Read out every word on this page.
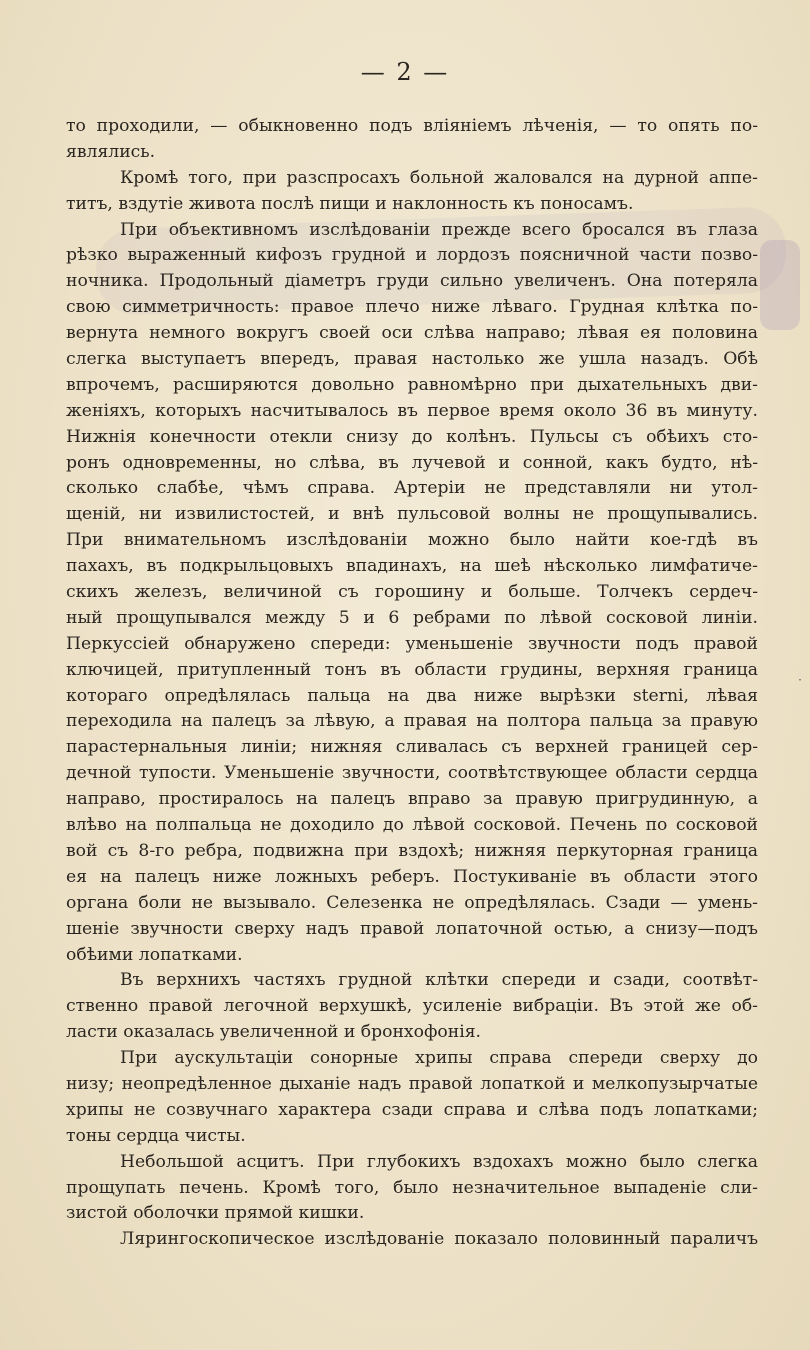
— 2 —
то проходили, — обыкновенно подъ вліяніемъ лѣченія, — то опять по-
являлись.
Кромѣ того, при разспросахъ больной жаловался на дурной аппе-
титъ, вздутіе живота послѣ пищи и наклонность къ поносамъ.
При объективномъ изслѣдованіи прежде всего бросался въ глаза
рѣзко выраженный кифозъ грудной и лордозъ поясничной части позво-
ночника. Продольный діаметръ груди сильно увеличенъ. Она потеряла
свою симметричность: правое плечо ниже лѣваго. Грудная клѣтка по-
вернута немного вокругъ своей оси слѣва направо; лѣвая ея половина
слегка выступаетъ впередъ, правая настолько же ушла назадъ. Обѣ
впрочемъ, расширяются довольно равномѣрно при дыхательныхъ дви-
женіяхъ, которыхъ насчитывалось въ первое время около 36 въ минуту.
Нижнія конечности отекли снизу до колѣнъ. Пульсы съ обѣихъ сто-
ронъ одновременны, но слѣва, въ лучевой и сонной, какъ будто, нѣ-
сколько слабѣе, чѣмъ справа. Артеріи не представляли ни утол-
щеній, ни извилистостей, и внѣ пульсовой волны не прощупывались.
При внимательномъ изслѣдованіи можно было найти кое-гдѣ въ
пахахъ, въ подкрыльцовыхъ впадинахъ, на шеѣ нѣсколько лимфатиче-
скихъ железъ, величиной съ горошину и больше. Толчекъ сердеч-
ный прощупывался между 5 и 6 ребрами по лѣвой сосковой линіи.
Перкуссіей обнаружено спереди: уменьшеніе звучности подъ правой
ключицей, притупленный тонъ въ области грудины, верхняя граница
котораго опредѣлялась пальца на два ниже вырѣзки sterni, лѣвая
переходила на палецъ за лѣвую, а правая на полтора пальца за правую
парастернальныя линіи; нижняя сливалась съ верхней границей сер-
дечной тупости. Уменьшеніе звучности, соотвѣтствующее области сердца
направо, простиралось на палецъ вправо за правую пригрудинную, а
влѣво на полпальца не доходило до лѣвой сосковой. Печень по сосковой
вой съ 8-го ребра, подвижна при вздохѣ; нижняя перкуторная граница
ея на палецъ ниже ложныхъ реберъ. Постукиваніе въ области этого
органа боли не вызывало. Селезенка не опредѣлялась. Сзади — умень-
шеніе звучности сверху надъ правой лопаточной остью, а снизу—подъ
обѣими лопатками.
Въ верхнихъ частяхъ грудной клѣтки спереди и сзади, соотвѣт-
ственно правой легочной верхушкѣ, усиленіе вибраціи. Въ этой же об-
ласти оказалась увеличенной и бронхофонія.
При аускультаціи сонорные хрипы справа спереди сверху до
низу; неопредѣленное дыханіе надъ правой лопаткой и мелкопузырчатые
хрипы не созвучнаго характера сзади справа и слѣва подъ лопатками;
тоны сердца чисты.
Небольшой асцитъ. При глубокихъ вздохахъ можно было слегка
прощупать печень. Кромѣ того, было незначительное выпаденіе сли-
зистой оболочки прямой кишки.
Лярингоскопическое изслѣдованіе показало половинный параличъ
